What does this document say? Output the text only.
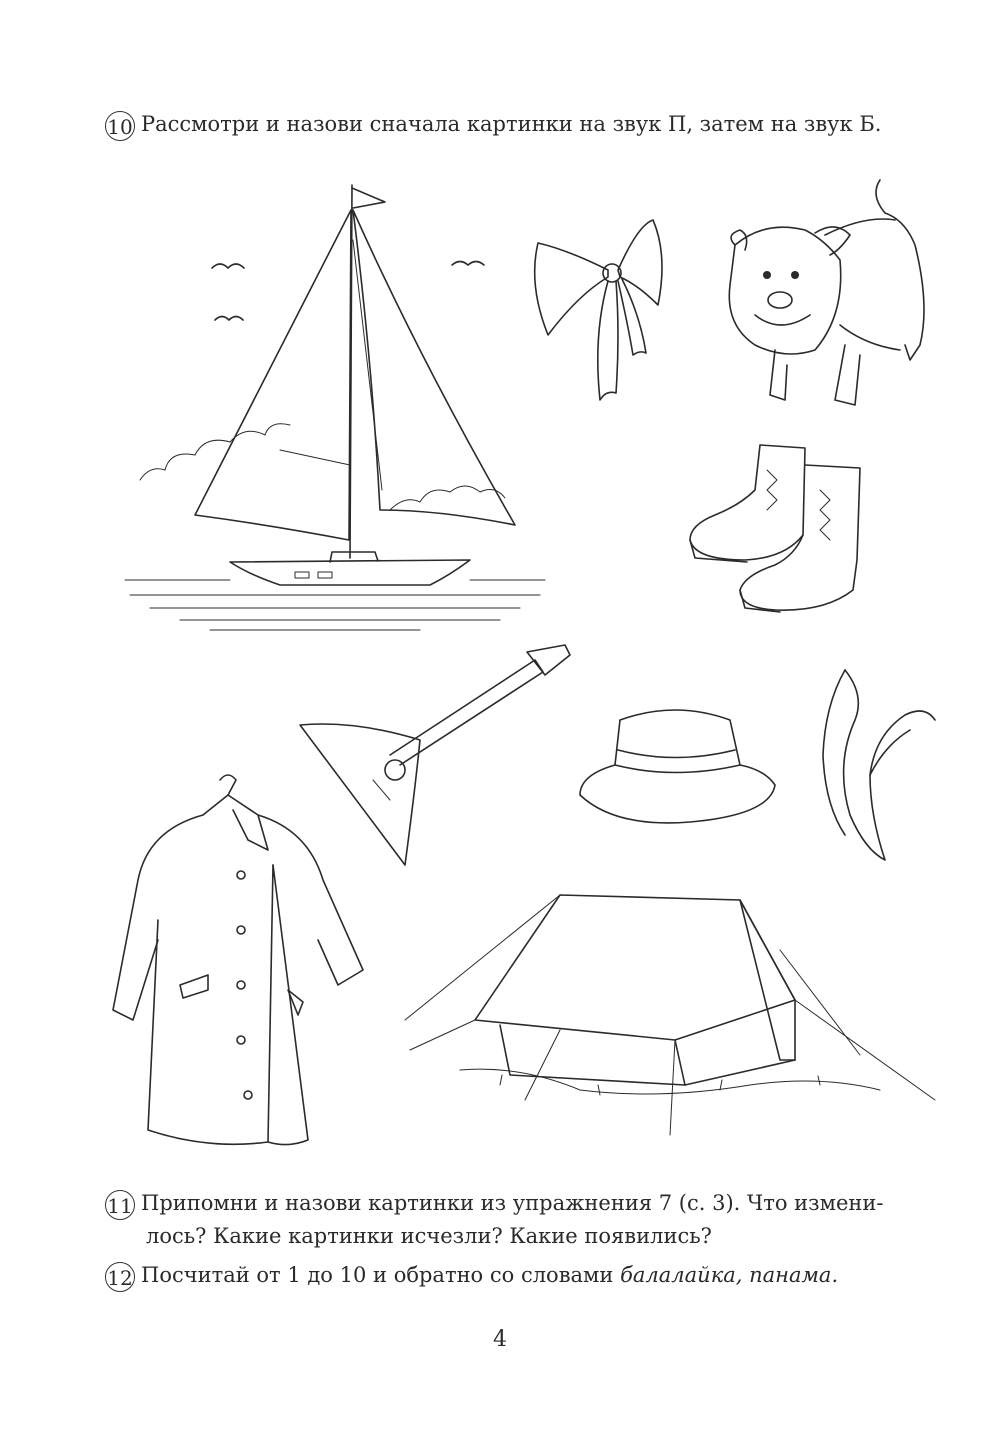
10 Рассмотри и назови сначала картинки на звук П, затем на звук Б.
11 Припомни и назови картинки из упражнения 7 (с. 3). Что измени-
лось? Какие картинки исчезли? Какие появились?
12 Посчитай от 1 до 10 и обратно со словами балалайка, панама.
4
